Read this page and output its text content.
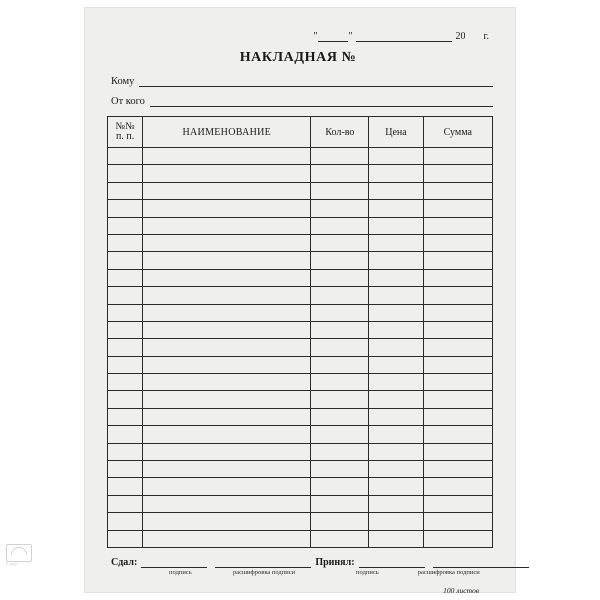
Комус
"	"	20 г.
НАКЛАДНАЯ №
Кому
От кого
№№
п. п.	НАИМЕНОВАНИЕ	Кол-во	Цена	Сумма

Сдал:	Принял:
подпись	расшифровка подписи	подпись	расшифровка подписи
100 листов
